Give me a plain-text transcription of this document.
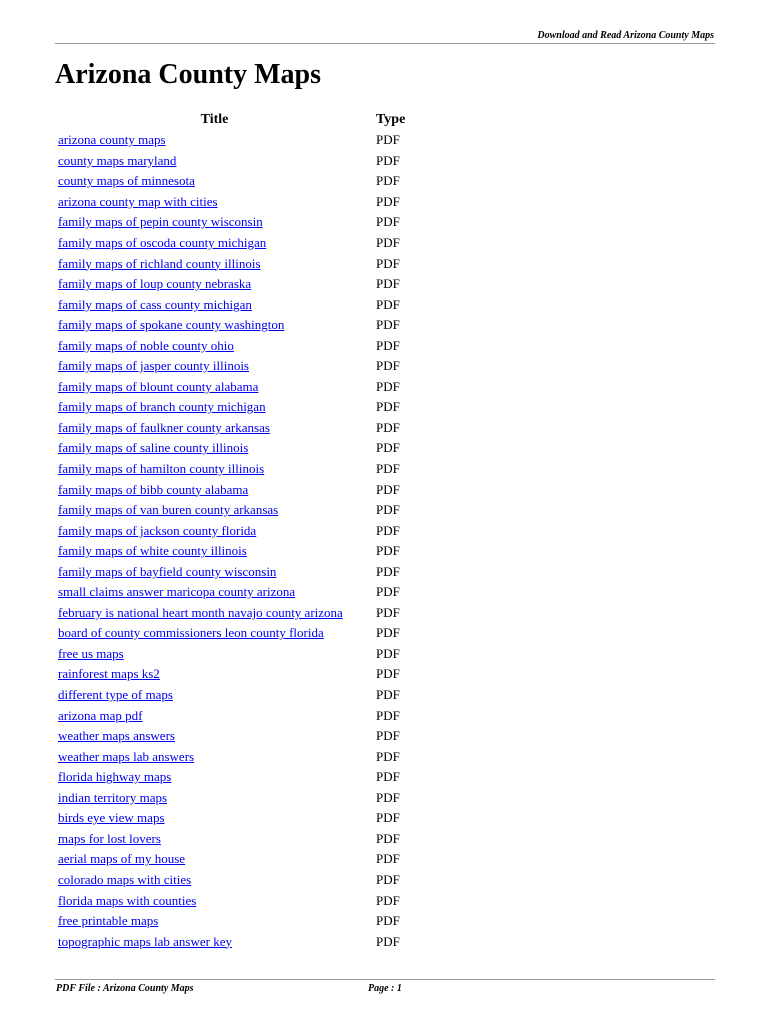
Download and Read Arizona County Maps
Arizona County Maps
Title	Type
arizona county maps	PDF
county maps maryland	PDF
county maps of minnesota	PDF
arizona county map with cities	PDF
family maps of pepin county wisconsin	PDF
family maps of oscoda county michigan	PDF
family maps of richland county illinois	PDF
family maps of loup county nebraska	PDF
family maps of cass county michigan	PDF
family maps of spokane county washington	PDF
family maps of noble county ohio	PDF
family maps of jasper county illinois	PDF
family maps of blount county alabama	PDF
family maps of branch county michigan	PDF
family maps of faulkner county arkansas	PDF
family maps of saline county illinois	PDF
family maps of hamilton county illinois	PDF
family maps of bibb county alabama	PDF
family maps of van buren county arkansas	PDF
family maps of jackson county florida	PDF
family maps of white county illinois	PDF
family maps of bayfield county wisconsin	PDF
small claims answer maricopa county arizona	PDF
february is national heart month navajo county arizona	PDF
board of county commissioners leon county florida	PDF
free us maps	PDF
rainforest maps ks2	PDF
different type of maps	PDF
arizona map pdf	PDF
weather maps answers	PDF
weather maps lab answers	PDF
florida highway maps	PDF
indian territory maps	PDF
birds eye view maps	PDF
maps for lost lovers	PDF
aerial maps of my house	PDF
colorado maps with cities	PDF
florida maps with counties	PDF
free printable maps	PDF
topographic maps lab answer key	PDF
PDF File : Arizona County Maps	Page : 1
